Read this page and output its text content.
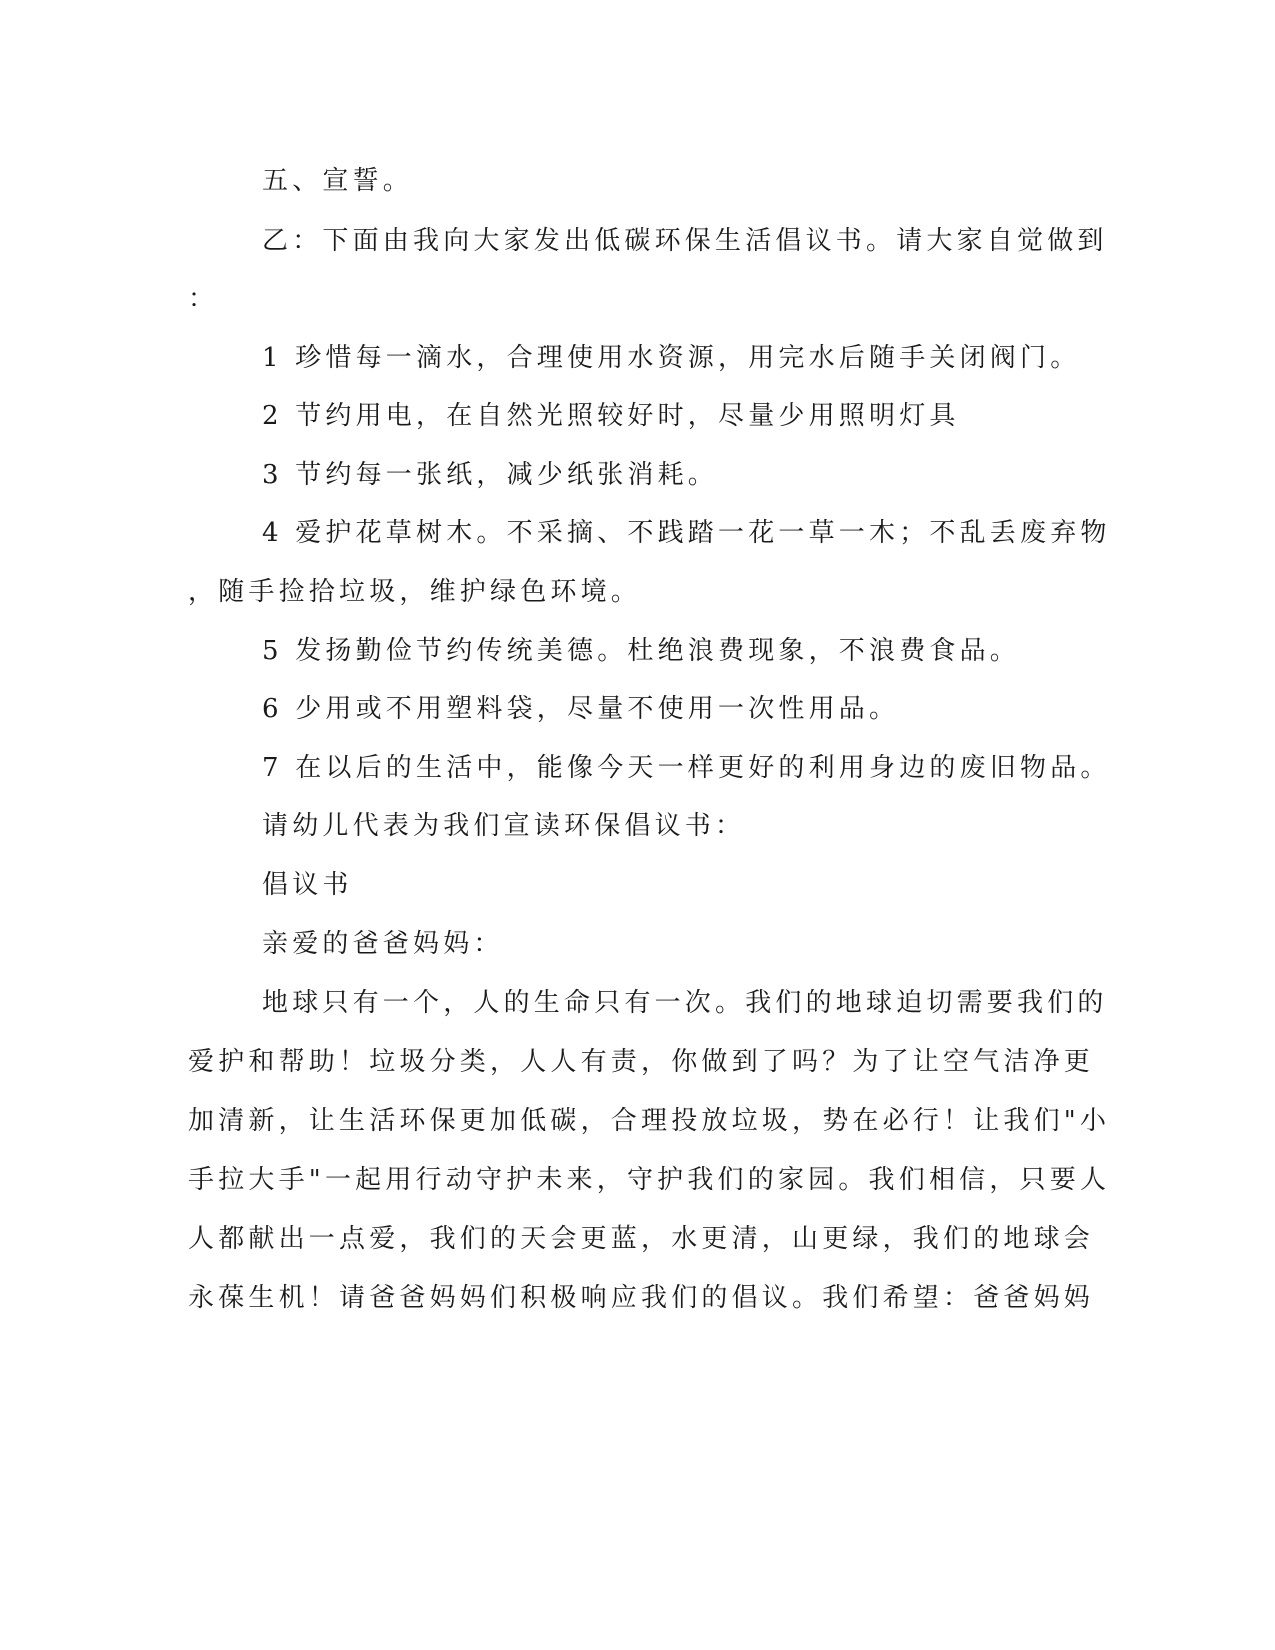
五、宣誓。
乙：下面由我向大家发出低碳环保生活倡议书。请大家自觉做到
：
1 珍惜每一滴水，合理使用水资源，用完水后随手关闭阀门。
2 节约用电，在自然光照较好时，尽量少用照明灯具
3 节约每一张纸，减少纸张消耗。
4 爱护花草树木。不采摘、不践踏一花一草一木；不乱丢废弃物
，随手捡拾垃圾，维护绿色环境。
5 发扬勤俭节约传统美德。杜绝浪费现象，不浪费食品。
6 少用或不用塑料袋，尽量不使用一次性用品。
7 在以后的生活中，能像今天一样更好的利用身边的废旧物品。
请幼儿代表为我们宣读环保倡议书：
倡议书
亲爱的爸爸妈妈：
地球只有一个，人的生命只有一次。我们的地球迫切需要我们的
爱护和帮助！垃圾分类，人人有责，你做到了吗？为了让空气洁净更
加清新，让生活环保更加低碳，合理投放垃圾，势在必行！让我们"小
手拉大手"一起用行动守护未来，守护我们的家园。我们相信，只要人
人都献出一点爱，我们的天会更蓝，水更清，山更绿，我们的地球会
永葆生机！请爸爸妈妈们积极响应我们的倡议。我们希望：爸爸妈妈
